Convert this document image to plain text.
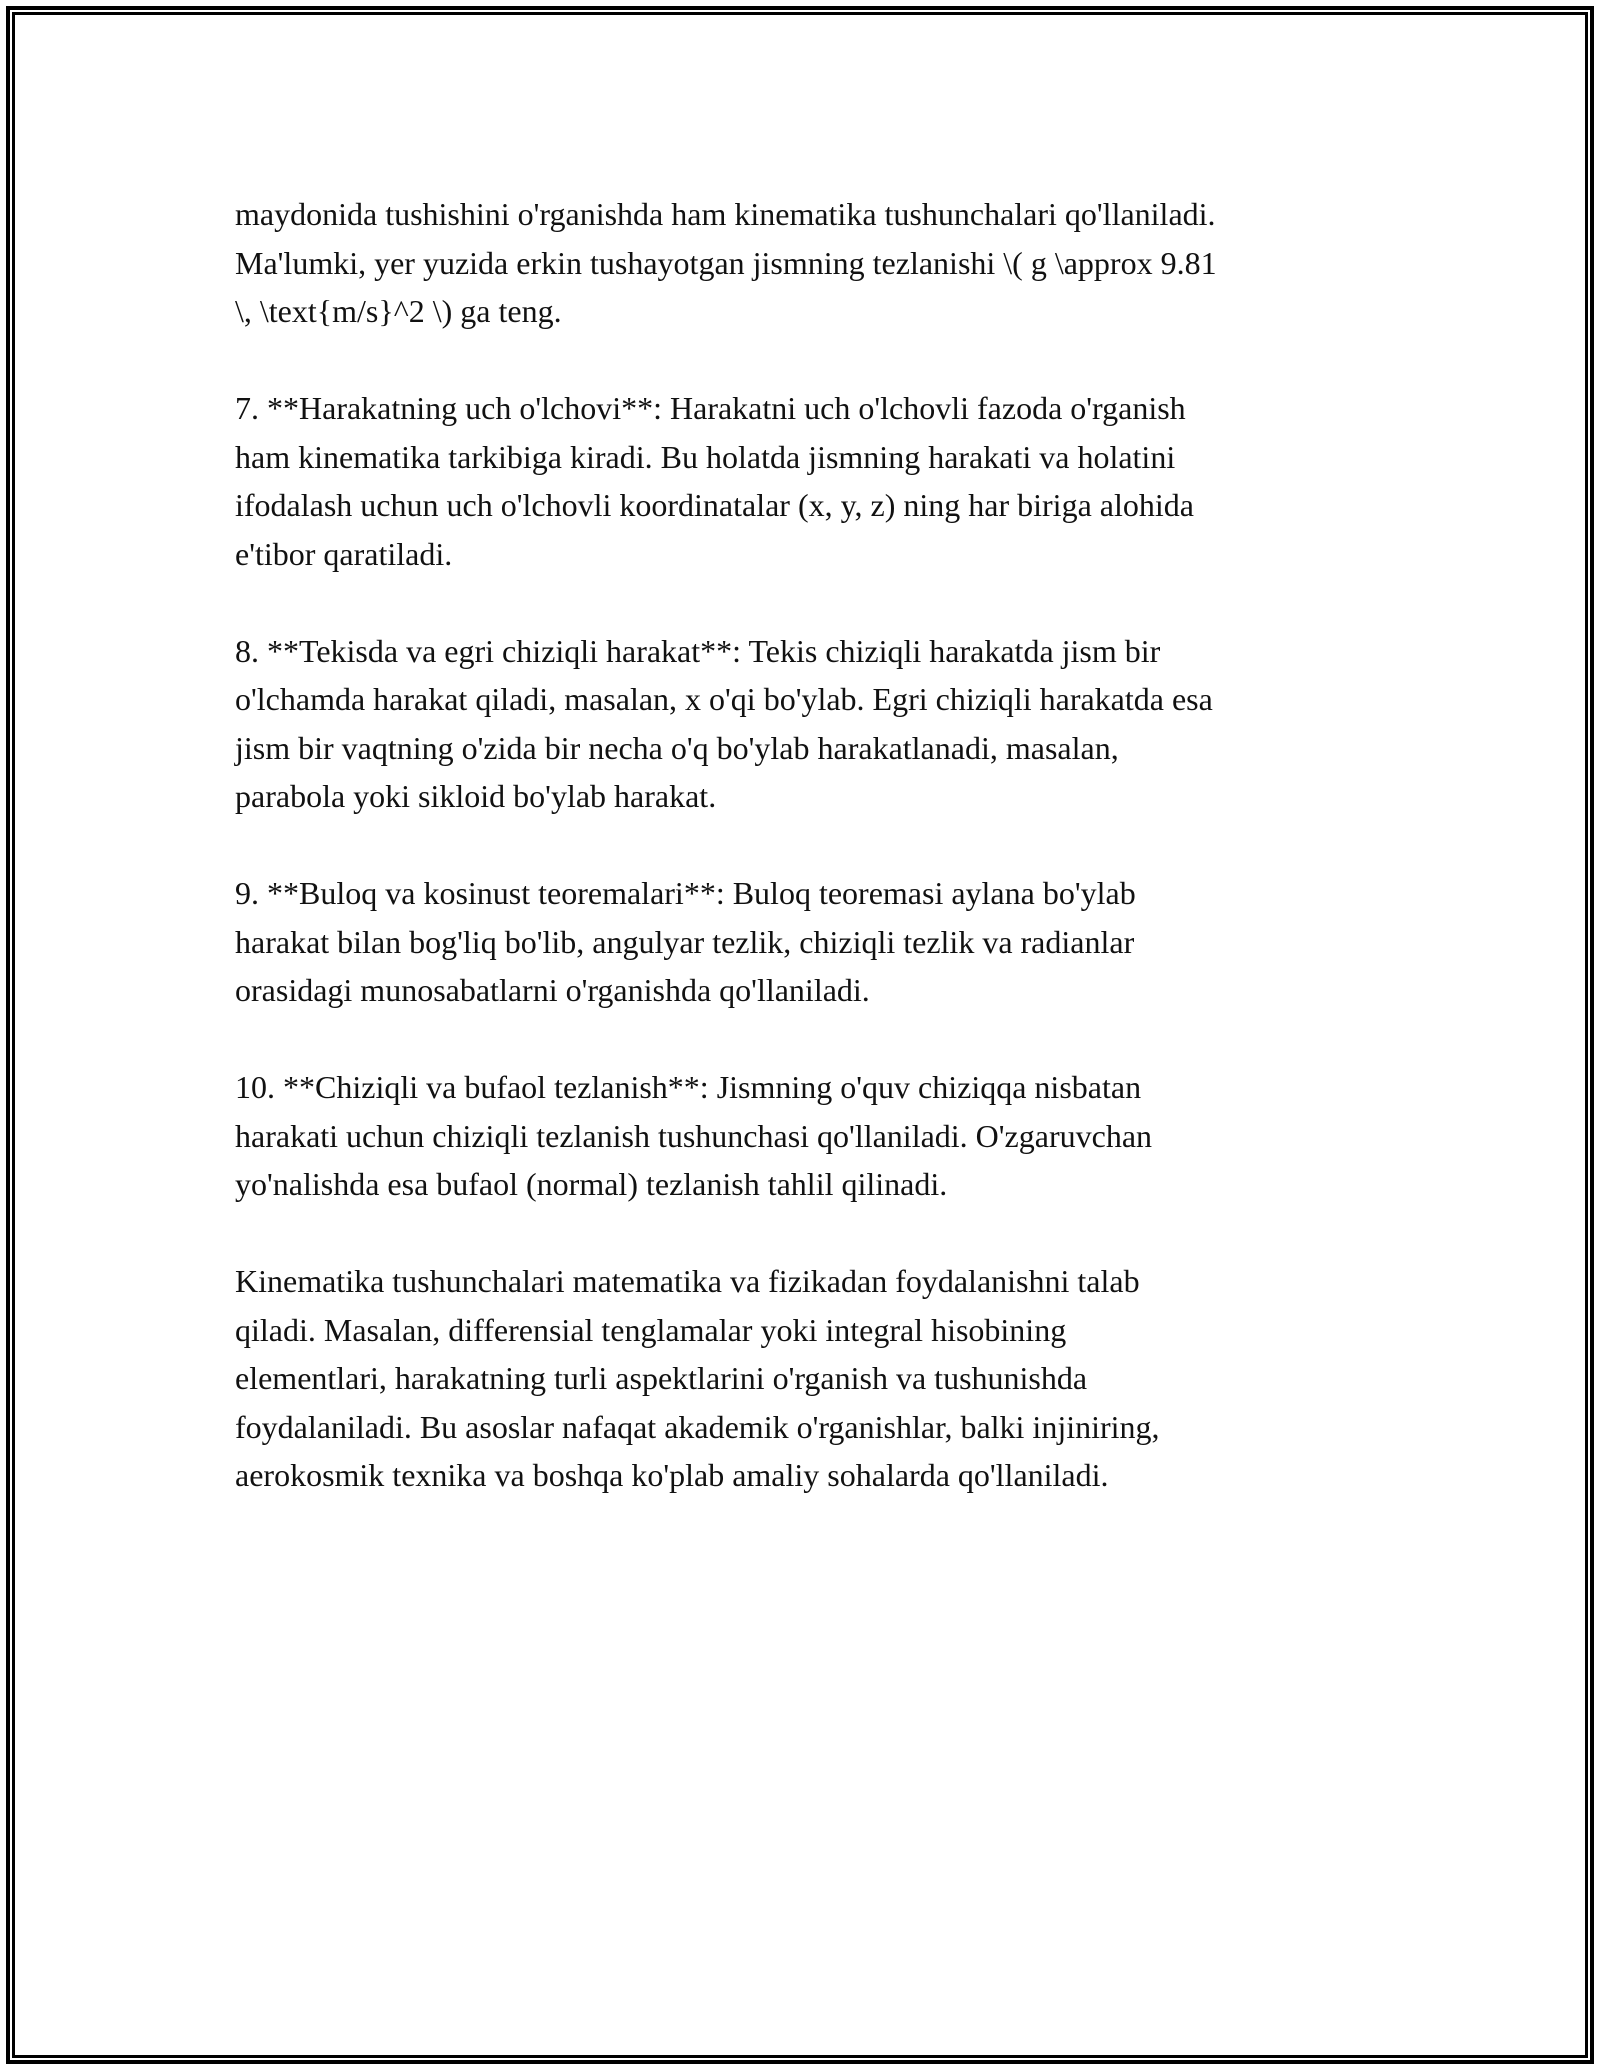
maydonida tushishini o'rganishda ham kinematika tushunchalari qo'llaniladi.
Ma'lumki, yer yuzida erkin tushayotgan jismning tezlanishi \( g \approx 9.81
\, \text{m/s}^2 \) ga teng.

7. **Harakatning uch o'lchovi**: Harakatni uch o'lchovli fazoda o'rganish
ham kinematika tarkibiga kiradi. Bu holatda jismning harakati va holatini
ifodalash uchun uch o'lchovli koordinatalar (x, y, z) ning har biriga alohida
e'tibor qaratiladi.

8. **Tekisda va egri chiziqli harakat**: Tekis chiziqli harakatda jism bir
o'lchamda harakat qiladi, masalan, x o'qi bo'ylab. Egri chiziqli harakatda esa
jism bir vaqtning o'zida bir necha o'q bo'ylab harakatlanadi, masalan,
parabola yoki sikloid bo'ylab harakat.

9. **Buloq va kosinust teoremalari**: Buloq teoremasi aylana bo'ylab
harakat bilan bog'liq bo'lib, angulyar tezlik, chiziqli tezlik va radianlar
orasidagi munosabatlarni o'rganishda qo'llaniladi.

10. **Chiziqli va bufaol tezlanish**: Jismning o'quv chiziqqa nisbatan
harakati uchun chiziqli tezlanish tushunchasi qo'llaniladi. O'zgaruvchan
yo'nalishda esa bufaol (normal) tezlanish tahlil qilinadi.

Kinematika tushunchalari matematika va fizikadan foydalanishni talab
qiladi. Masalan, differensial tenglamalar yoki integral hisobining
elementlari, harakatning turli aspektlarini o'rganish va tushunishda
foydalaniladi. Bu asoslar nafaqat akademik o'rganishlar, balki injiniring,
aerokosmik texnika va boshqa ko'plab amaliy sohalarda qo'llaniladi.
